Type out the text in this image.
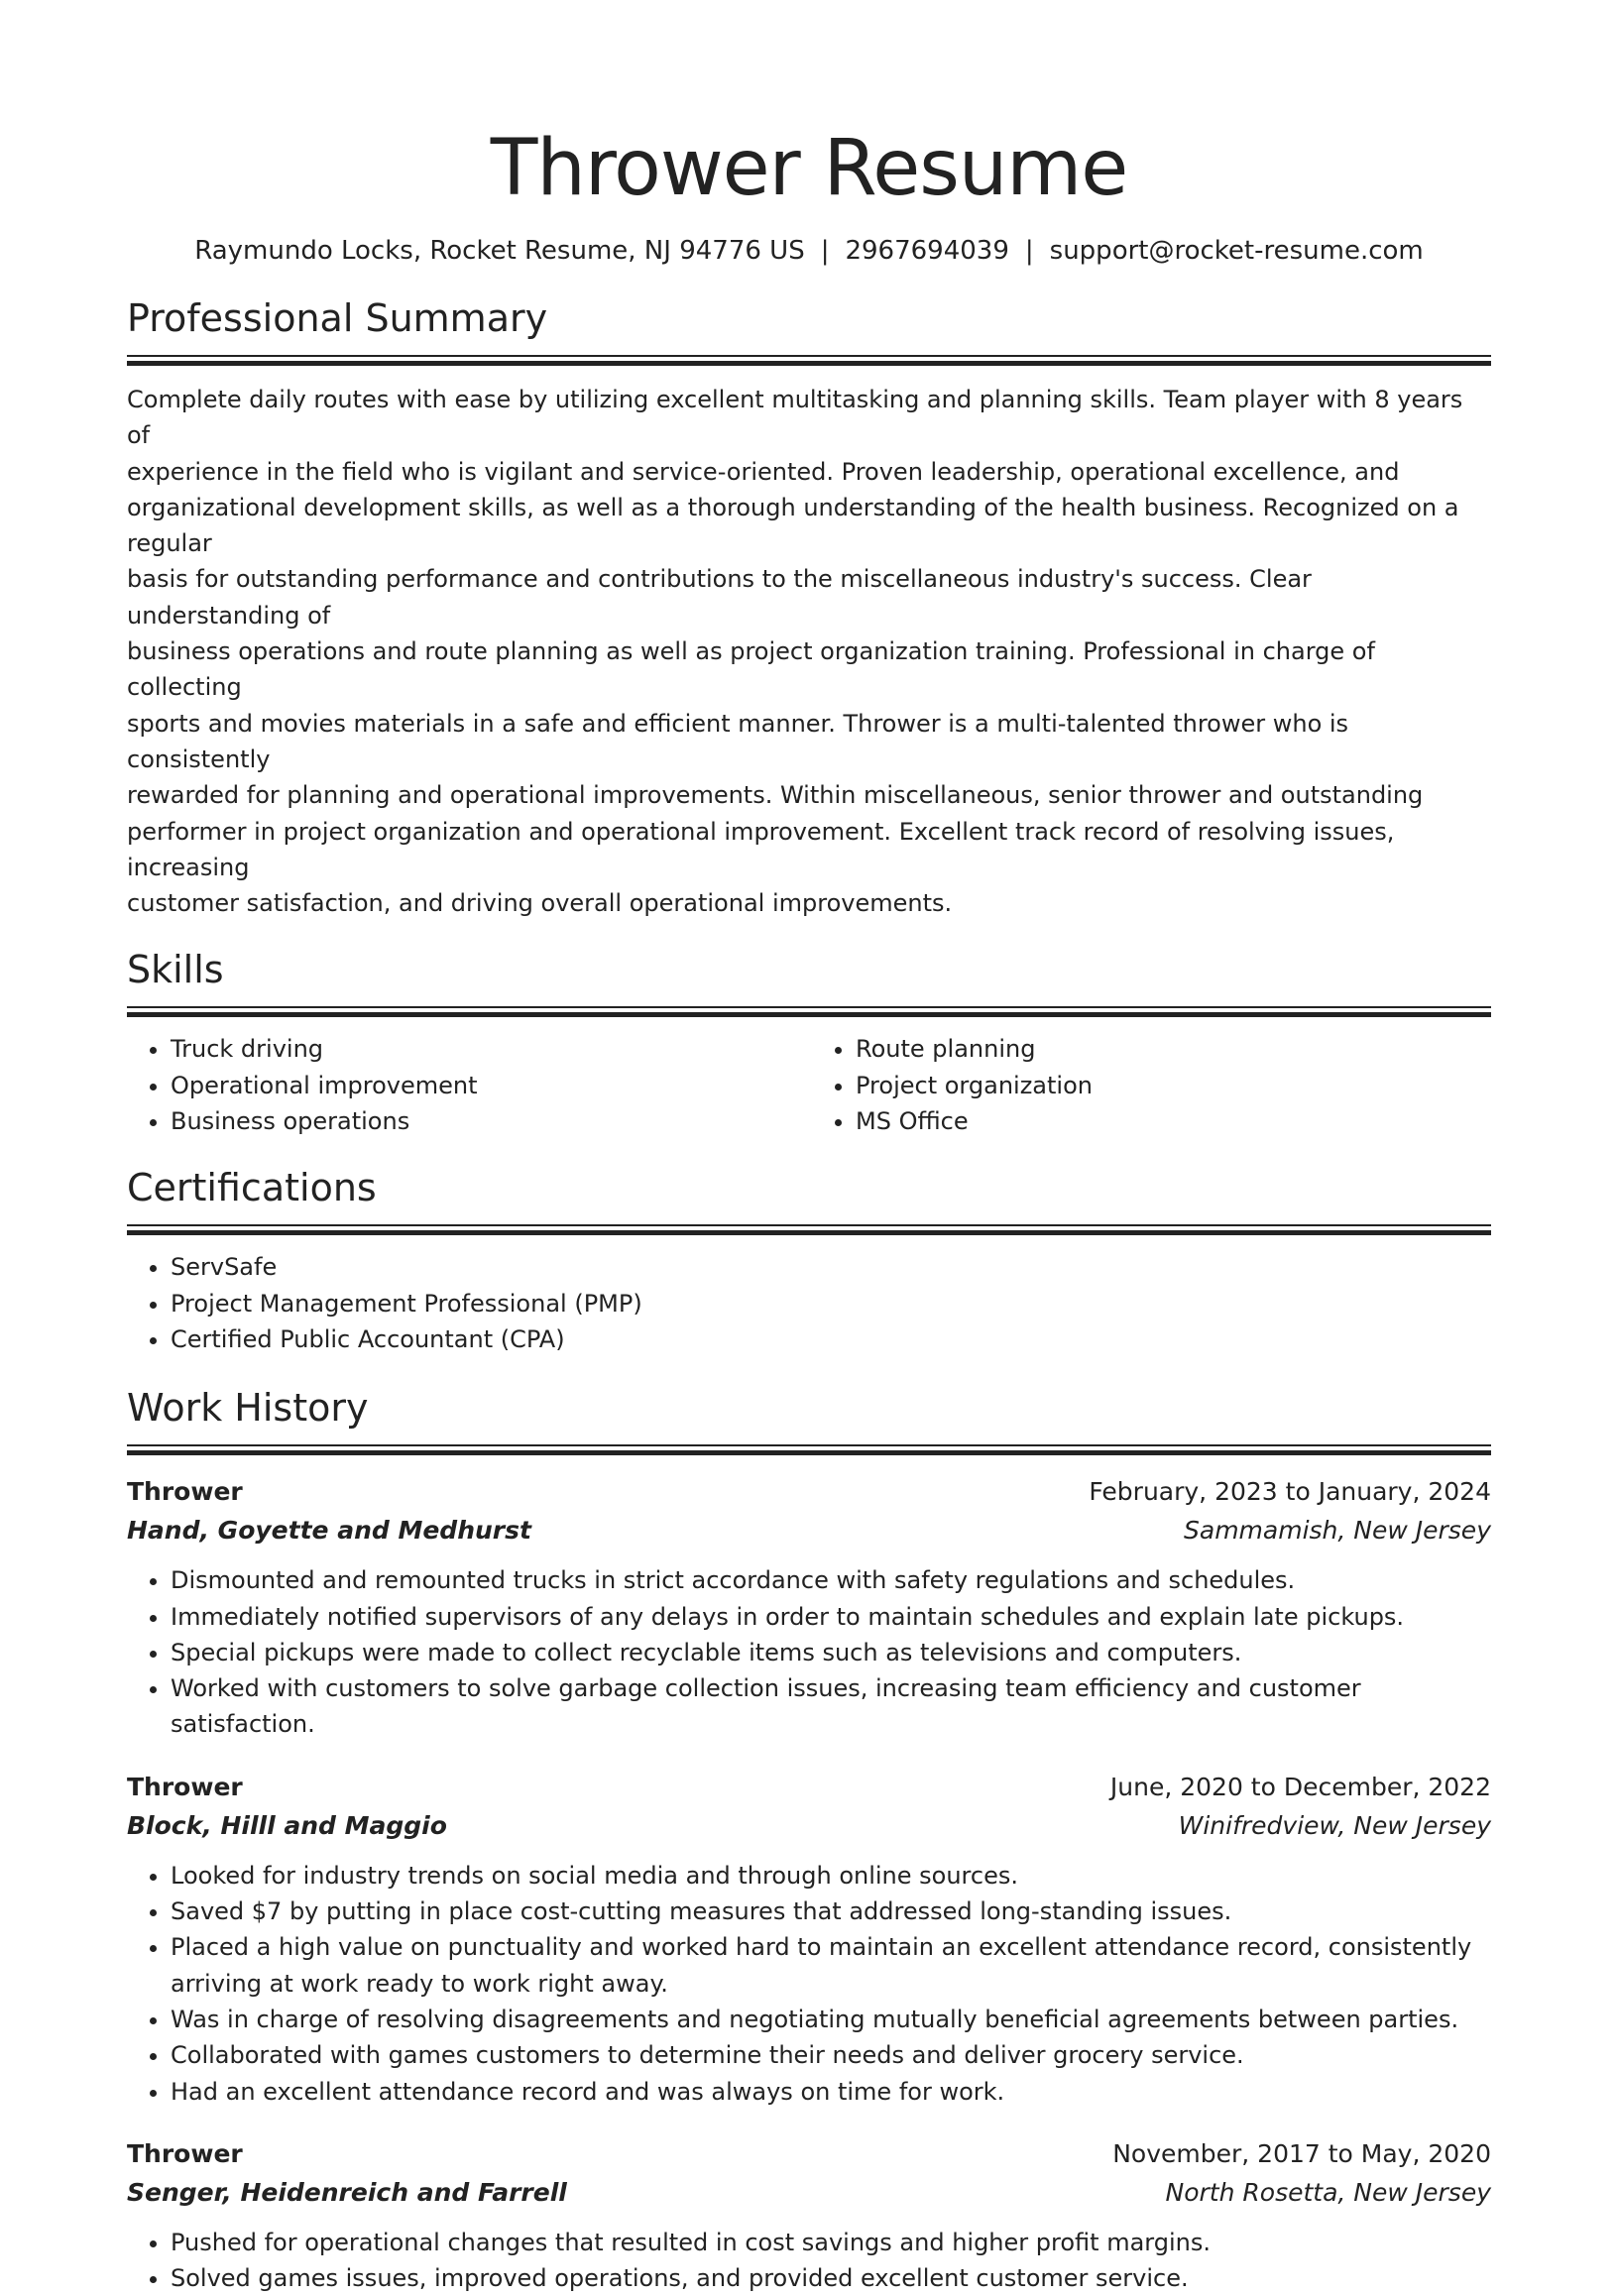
Thrower Resume
Raymundo Locks, Rocket Resume, NJ 94776 US | 2967694039 | support@rocket-resume.com
Professional Summary
Complete daily routes with ease by utilizing excellent multitasking and planning skills. Team player with 8 years of
experience in the field who is vigilant and service-oriented. Proven leadership, operational excellence, and
organizational development skills, as well as a thorough understanding of the health business. Recognized on a regular
basis for outstanding performance and contributions to the miscellaneous industry's success. Clear understanding of
business operations and route planning as well as project organization training. Professional in charge of collecting
sports and movies materials in a safe and efficient manner. Thrower is a multi-talented thrower who is consistently
rewarded for planning and operational improvements. Within miscellaneous, senior thrower and outstanding
performer in project organization and operational improvement. Excellent track record of resolving issues, increasing
customer satisfaction, and driving overall operational improvements.
Skills
• Truck driving
• Operational improvement
• Business operations
• Route planning
• Project organization
• MS Office
Certifications
• ServSafe
• Project Management Professional (PMP)
• Certified Public Accountant (CPA)
Work History
Thrower	February, 2023 to January, 2024
Hand, Goyette and Medhurst	Sammamish, New Jersey
• Dismounted and remounted trucks in strict accordance with safety regulations and schedules.
• Immediately notified supervisors of any delays in order to maintain schedules and explain late pickups.
• Special pickups were made to collect recyclable items such as televisions and computers.
• Worked with customers to solve garbage collection issues, increasing team efficiency and customer satisfaction.
Thrower	June, 2020 to December, 2022
Block, Hilll and Maggio	Winifredview, New Jersey
• Looked for industry trends on social media and through online sources.
• Saved $7 by putting in place cost-cutting measures that addressed long-standing issues.
• Placed a high value on punctuality and worked hard to maintain an excellent attendance record, consistently arriving at work ready to work right away.
• Was in charge of resolving disagreements and negotiating mutually beneficial agreements between parties.
• Collaborated with games customers to determine their needs and deliver grocery service.
• Had an excellent attendance record and was always on time for work.
Thrower	November, 2017 to May, 2020
Senger, Heidenreich and Farrell	North Rosetta, New Jersey
• Pushed for operational changes that resulted in cost savings and higher profit margins.
• Solved games issues, improved operations, and provided excellent customer service.
